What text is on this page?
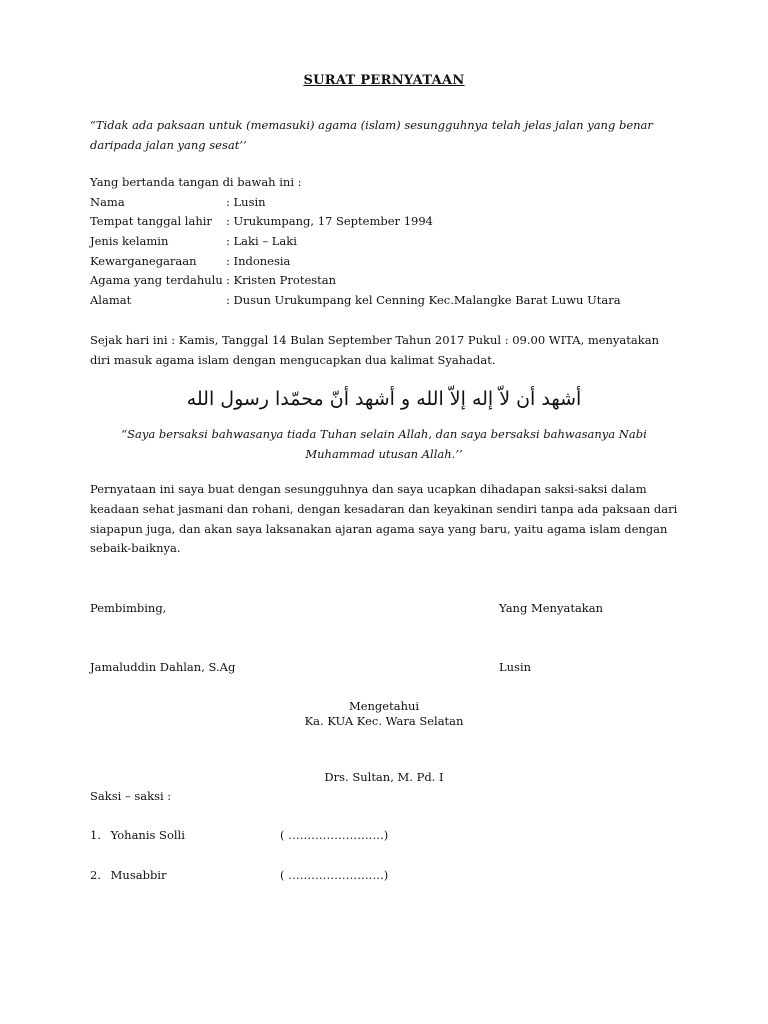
SURAT PERNYATAAN
“Tidak ada paksaan untuk (memasuki) agama (islam) sesungguhnya telah jelas jalan yang benar
daripada jalan yang sesat’’
Yang bertanda tangan di bawah ini :
Nama	: Lusin
Tempat tanggal lahir : Urukumpang, 17 September 1994
Jenis kelamin	: Laki – Laki
Kewarganegaraan	: Indonesia
Agama yang terdahulu : Kristen Protestan
Alamat	: Dusun Urukumpang kel Cenning Kec.Malangke Barat Luwu Utara
Sejak hari ini : Kamis, Tanggal 14 Bulan September Tahun 2017 Pukul : 09.00 WITA, menyatakan
diri masuk agama islam dengan mengucapkan dua kalimat Syahadat.
أشهد أن لاّ إله إلاّ الله و أشهد أنّ محمّدا رسول الله
“Saya bersaksi bahwasanya tiada Tuhan selain Allah, dan saya bersaksi bahwasanya Nabi
Muhammad utusan Allah.’’
Pernyataan ini saya buat dengan sesungguhnya dan saya ucapkan dihadapan saksi-saksi dalam
keadaan sehat jasmani dan rohani, dengan kesadaran dan keyakinan sendiri tanpa ada paksaan dari
siapapun juga, dan akan saya laksanakan ajaran agama saya yang baru, yaitu agama islam dengan
sebaik-baiknya.
Pembimbing,	Yang Menyatakan
Jamaluddin Dahlan, S.Ag	Lusin
Mengetahui
Ka. KUA Kec. Wara Selatan
Drs. Sultan, M. Pd. I
Saksi – saksi :
1. Yohanis Solli	( …………………….)
2. Musabbir	( …………………….)
